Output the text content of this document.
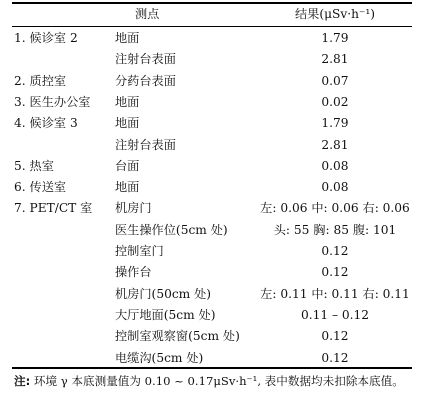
测点	结果(μSv·h⁻¹)
1. 候诊室 2	地面	1.79
注射台表面	2.81
2. 质控室	分药台表面	0.07
3. 医生办公室 地面	0.02
4. 候诊室 3	地面	1.79
注射台表面	2.81
5. 热室	台面	0.08
6. 传送室	地面	0.08
7. PET/CT 室 机房门	左: 0.06 中: 0.06 右: 0.06
医生操作位(5cm 处)	头: 55 胸: 85 腹: 101
控制室门	0.12
操作台	0.12
机房门(50cm 处)	左: 0.11 中: 0.11 右: 0.11
大厅地面(5cm 处)	0.11 – 0.12
控制室观察窗(5cm 处)	0.12
电缆沟(5cm 处)	0.12
注: 环境 γ 本底测量值为 0.10 ~ 0.17μSv·h⁻¹, 表中数据均未扣除本底值。
